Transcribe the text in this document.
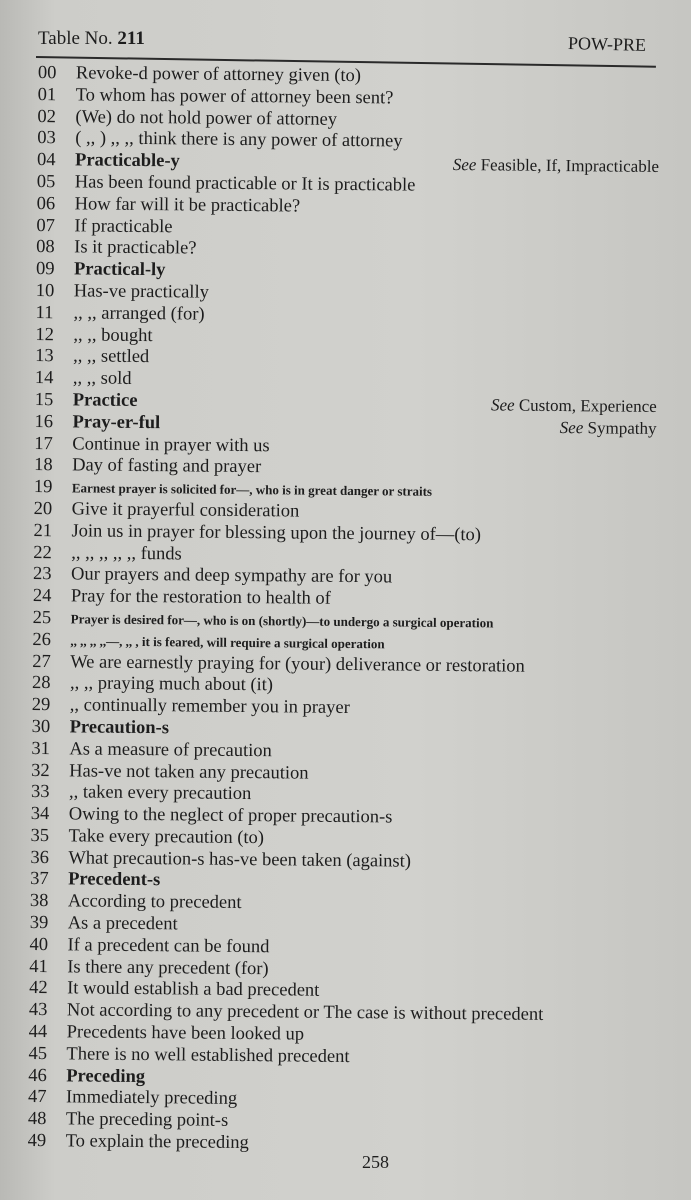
Table No. 211	POW-PRE
00 Revoke-d power of attorney given (to)
01 To whom has power of attorney been sent?
02 (We) do not hold power of attorney
03 ( ,, ) ,, ,, think there is any power of attorney
04 Practicable-y	See Feasible, If, Impracticable
05 Has been found practicable or It is practicable
06 How far will it be practicable?
07 If practicable
08 Is it practicable?
09 Practical-ly
10 Has-ve practically
11 ,, ,, arranged (for)
12 ,, ,, bought
13 ,, ,, settled
14 ,, ,, sold
15 Practice	See Custom, Experience
16 Pray-er-ful	See Sympathy
17 Continue in prayer with us
18 Day of fasting and prayer
19 Earnest prayer is solicited for—, who is in great danger or straits
20 Give it prayerful consideration
21 Join us in prayer for blessing upon the journey of—(to)
22 ,, ,, ,, ,, ,, funds
23 Our prayers and deep sympathy are for you
24 Pray for the restoration to health of
25 Prayer is desired for—, who is on (shortly)—to undergo a surgical operation
26 ,, ,, ,, ,,—, ,, , it is feared, will require a surgical operation
27 We are earnestly praying for (your) deliverance or restoration
28 ,, ,, praying much about (it)
29 ,, continually remember you in prayer
30 Precaution-s
31 As a measure of precaution
32 Has-ve not taken any precaution
33 ,, taken every precaution
34 Owing to the neglect of proper precaution-s
35 Take every precaution (to)
36 What precaution-s has-ve been taken (against)
37 Precedent-s
38 According to precedent
39 As a precedent
40 If a precedent can be found
41 Is there any precedent (for)
42 It would establish a bad precedent
43 Not according to any precedent or The case is without precedent
44 Precedents have been looked up
45 There is no well established precedent
46 Preceding
47 Immediately preceding
48 The preceding point-s
49 To explain the preceding
258
